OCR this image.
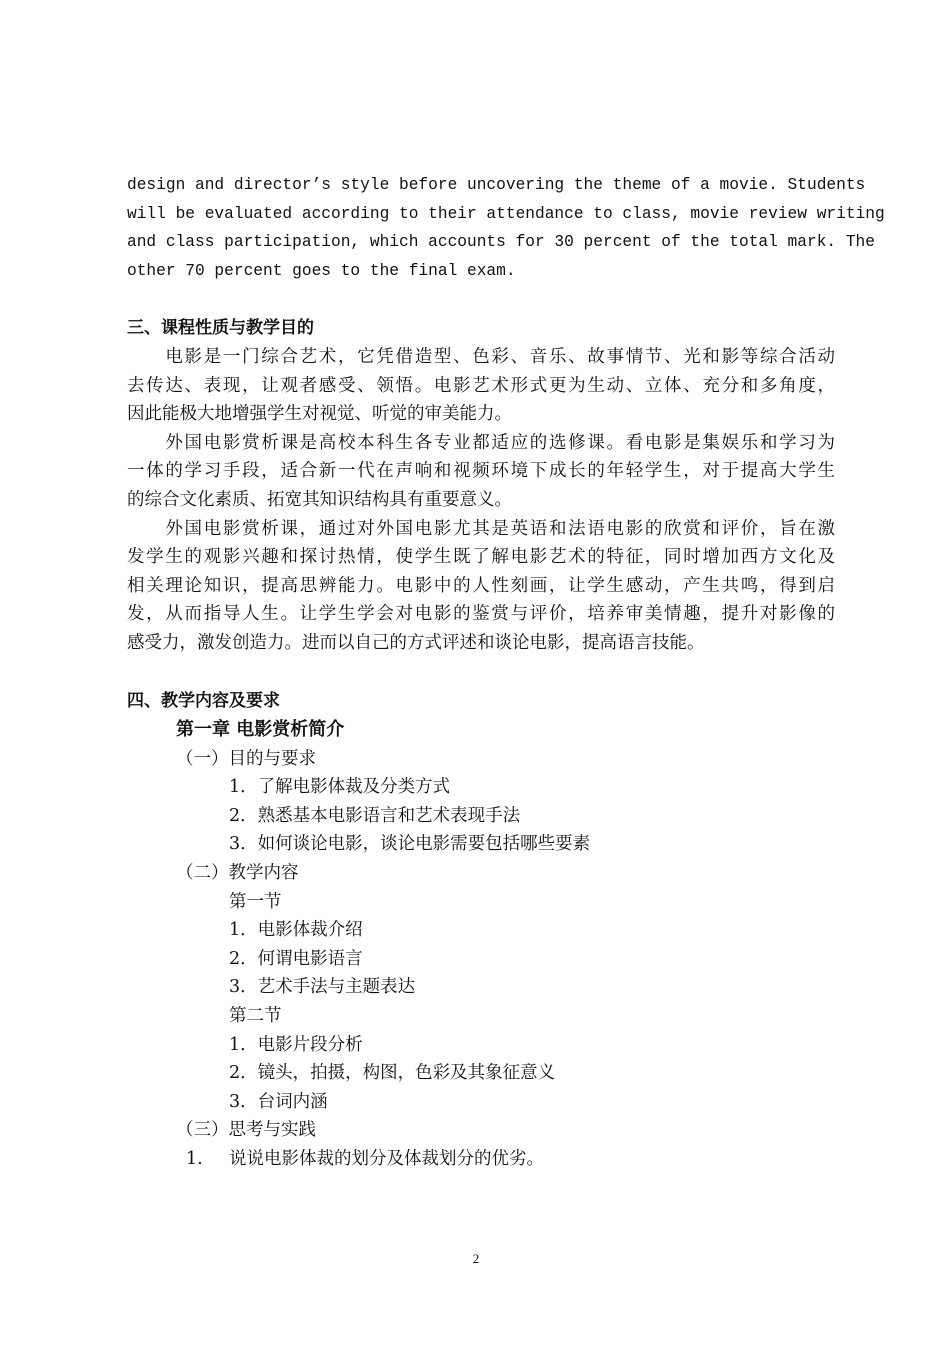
design and director’s style before uncovering the theme of a movie. Students
will be evaluated according to their attendance to class, movie review writing
and class participation, which accounts for 30 percent of the total mark. The
other 70 percent goes to the final exam.
三、课程性质与教学目的
　　电影是一门综合艺术，它凭借造型、色彩、音乐、故事情节、光和影等综合活动
去传达、表现，让观者感受、领悟。电影艺术形式更为生动、立体、充分和多角度，
因此能极大地增强学生对视觉、听觉的审美能力。
　　外国电影赏析课是高校本科生各专业都适应的选修课。看电影是集娱乐和学习为
一体的学习手段，适合新一代在声响和视频环境下成长的年轻学生，对于提高大学生
的综合文化素质、拓宽其知识结构具有重要意义。
　　外国电影赏析课，通过对外国电影尤其是英语和法语电影的欣赏和评价，旨在激
发学生的观影兴趣和探讨热情，使学生既了解电影艺术的特征，同时增加西方文化及
相关理论知识，提高思辨能力。电影中的人性刻画，让学生感动，产生共鸣，得到启
发，从而指导人生。让学生学会对电影的鉴赏与评价，培养审美情趣，提升对影像的
感受力，激发创造力。进而以自己的方式评述和谈论电影，提高语言技能。
四、教学内容及要求
第一章 电影赏析简介
（一）目的与要求
1．了解电影体裁及分类方式
2．熟悉基本电影语言和艺术表现手法
3．如何谈论电影，谈论电影需要包括哪些要素
（二）教学内容
第一节
1．电影体裁介绍
2．何谓电影语言
3．艺术手法与主题表达
第二节
1．电影片段分析
2．镜头，拍摄，构图，色彩及其象征意义
3．台词内涵
（三）思考与实践
1. 说说电影体裁的划分及体裁划分的优劣。
2
